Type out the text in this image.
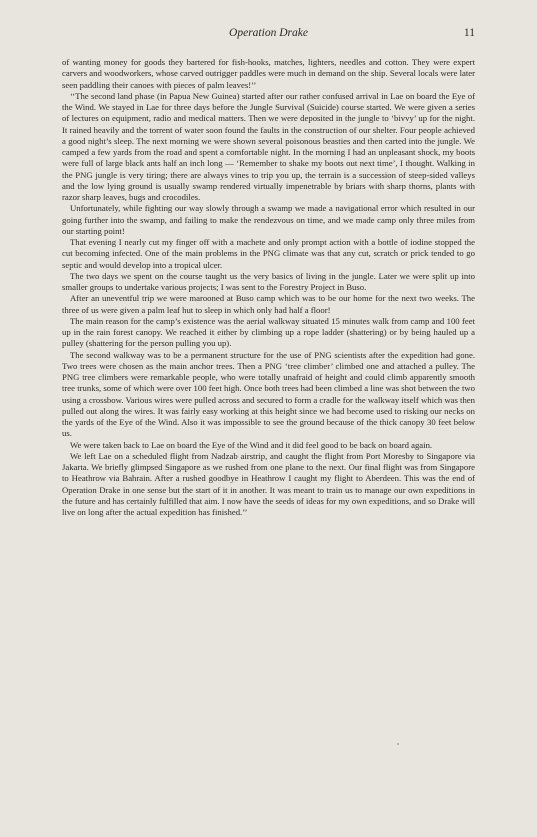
Operation Drake	11

of wanting money for goods they bartered for fish-hooks, matches, lighters, needles and cotton. They were expert carvers and woodworkers, whose carved outrigger paddles were much in demand on the ship. Several locals were later seen paddling their canoes with pieces of palm leaves!’’

‘‘The second land phase (in Papua New Guinea) started after our rather confused arrival in Lae on board the Eye of the Wind. We stayed in Lae for three days before the Jungle Survival (Suicide) course started. We were given a series of lectures on equipment, radio and medical matters. Then we were deposited in the jungle to ‘bivvy’ up for the night. It rained heavily and the torrent of water soon found the faults in the construction of our shelter. Four people achieved a good night’s sleep. The next morning we were shown several poisonous beasties and then carted into the jungle. We camped a few yards from the road and spent a comfortable night. In the morning I had an unpleasant shock, my boots were full of large black ants half an inch long — ‘Remember to shake my boots out next time’, I thought. Walking in the PNG jungle is very tiring; there are always vines to trip you up, the terrain is a succession of steep-sided valleys and the low lying ground is usually swamp rendered virtually impenetrable by briars with sharp thorns, plants with razor sharp leaves, bugs and crocodiles.

Unfortunately, while fighting our way slowly through a swamp we made a navigational error which resulted in our going further into the swamp, and failing to make the rendezvous on time, and we made camp only three miles from our starting point!

That evening I nearly cut my finger off with a machete and only prompt action with a bottle of iodine stopped the cut becoming infected. One of the main problems in the PNG climate was that any cut, scratch or prick tended to go septic and would develop into a tropical ulcer.

The two days we spent on the course taught us the very basics of living in the jungle. Later we were split up into smaller groups to undertake various projects; I was sent to the Forestry Project in Buso.

After an uneventful trip we were marooned at Buso camp which was to be our home for the next two weeks. The three of us were given a palm leaf hut to sleep in which only had half a floor!

The main reason for the camp’s existence was the aerial walkway situated 15 minutes walk from camp and 100 feet up in the rain forest canopy. We reached it either by climbing up a rope ladder (shattering) or by being hauled up a pulley (shattering for the person pulling you up).

The second walkway was to be a permanent structure for the use of PNG scientists after the expedition had gone. Two trees were chosen as the main anchor trees. Then a PNG ‘tree climber’ climbed one and attached a pulley. The PNG tree climbers were remarkable people, who were totally unafraid of height and could climb apparently smooth tree trunks, some of which were over 100 feet high. Once both trees had been climbed a line was shot between the two using a crossbow. Various wires were pulled across and secured to form a cradle for the walkway itself which was then pulled out along the wires. It was fairly easy working at this height since we had become used to risking our necks on the yards of the Eye of the Wind. Also it was impossible to see the ground because of the thick canopy 30 feet below us.

We were taken back to Lae on board the Eye of the Wind and it did feel good to be back on board again.

We left Lae on a scheduled flight from Nadzab airstrip, and caught the flight from Port Moresby to Singapore via Jakarta. We briefly glimpsed Singapore as we rushed from one plane to the next. Our final flight was from Singapore to Heathrow via Bahrain. After a rushed goodbye in Heathrow I caught my flight to Aberdeen. This was the end of Operation Drake in one sense but the start of it in another. It was meant to train us to manage our own expeditions in the future and has certainly fulfilled that aim. I now have the seeds of ideas for my own expeditions, and so Drake will live on long after the actual expedition has finished.’’
